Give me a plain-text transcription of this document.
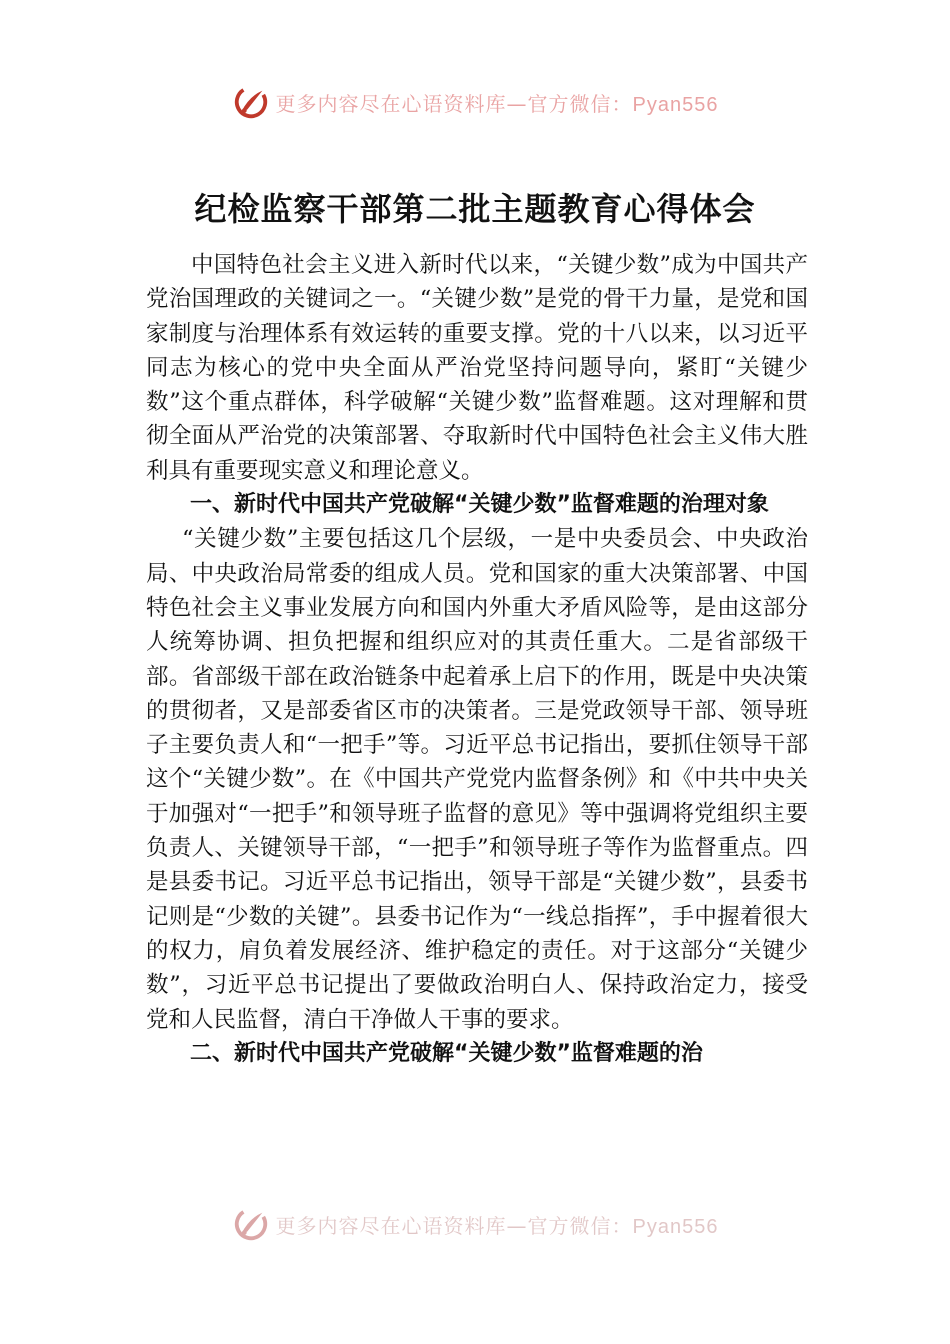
更多内容尽在心语资料库—官方微信：Pyan556
纪检监察干部第二批主题教育心得体会

中国特色社会主义进入新时代以来，“关键少数”成为中国共产党治国理政的关键词之一。“关键少数”是党的骨干力量，是党和国家制度与治理体系有效运转的重要支撑。党的十八以来，以习近平同志为核心的党中央全面从严治党坚持问题导向，紧盯“关键少数”这个重点群体，科学破解“关键少数”监督难题。这对理解和贯彻全面从严治党的决策部署、夺取新时代中国特色社会主义伟大胜利具有重要现实意义和理论意义。

一、新时代中国共产党破解“关键少数”监督难题的治理对象

“关键少数”主要包括这几个层级，一是中央委员会、中央政治局、中央政治局常委的组成人员。党和国家的重大决策部署、中国特色社会主义事业发展方向和国内外重大矛盾风险等，是由这部分人统筹协调、担负把握和组织应对的其责任重大。二是省部级干部。省部级干部在政治链条中起着承上启下的作用，既是中央决策的贯彻者，又是部委省区市的决策者。三是党政领导干部、领导班子主要负责人和“一把手”等。习近平总书记指出，要抓住领导干部这个“关键少数”。在《中国共产党党内监督条例》和《中共中央关于加强对“一把手”和领导班子监督的意见》等中强调将党组织主要负责人、关键领导干部，“一把手”和领导班子等作为监督重点。四是县委书记。习近平总书记指出，领导干部是“关键少数”，县委书记则是“少数的关键”。县委书记作为“一线总指挥”，手中握着很大的权力，肩负着发展经济、维护稳定的责任。对于这部分“关键少数”，习近平总书记提出了要做政治明白人、保持政治定力，接受党和人民监督，清白干净做人干事的要求。

二、新时代中国共产党破解“关键少数”监督难题的治

更多内容尽在心语资料库—官方微信：Pyan556
